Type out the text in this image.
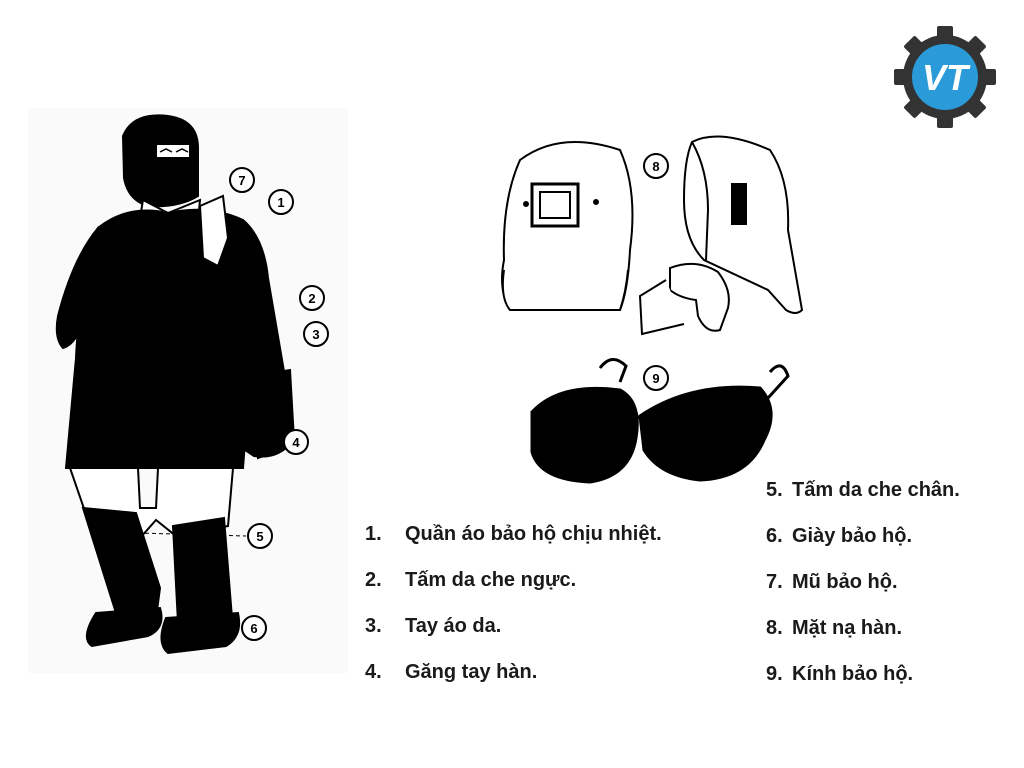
VT
7
1
2
3
4
5
6
8
9
1. Quần áo bảo hộ chịu nhiệt.
2. Tấm da che ngực.
3. Tay áo da.
4. Găng tay hàn.
5. Tấm da che chân.
6. Giày bảo hộ.
7. Mũ bảo hộ.
8. Mặt nạ hàn.
9. Kính bảo hộ.
